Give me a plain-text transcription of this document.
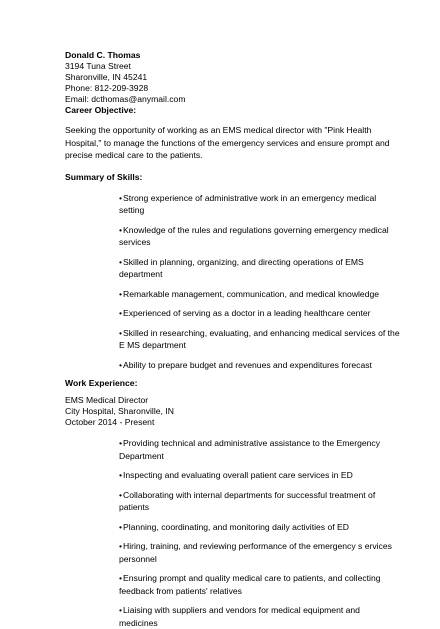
Donald C. Thomas
3194 Tuna Street
Sharonville, IN 45241
Phone: 812-209-3928
Email: dcthomas@anymail.com
Career Objective:

Seeking the opportunity of working as an EMS medical director with "Pink Health Hospital," to manage the functions of the emergency services and ensure prompt and precise medical care to the patients.

Summary of Skills:
• Strong experience of administrative work in an emergency medical setting
• Knowledge of the rules and regulations governing emergency medical services
• Skilled in planning, organizing, and directing operations of EMS department
• Remarkable management, communication, and medical knowledge
• Experienced of serving as a doctor in a leading healthcare center
• Skilled in researching, evaluating, and enhancing medical services of the E MS department
• Ability to prepare budget and revenues and expenditures forecast
Work Experience:
EMS Medical Director
City Hospital, Sharonville, IN
October 2014 - Present
• Providing technical and administrative assistance to the Emergency Department
• Inspecting and evaluating overall patient care services in ED
• Collaborating with internal departments for successful treatment of patients
• Planning, coordinating, and monitoring daily activities of ED
• Hiring, training, and reviewing performance of the emergency s ervices personnel
• Ensuring prompt and quality medical care to patients, and collecting feedback from patients' relatives
• Liaising with suppliers and vendors for medical equipment and medicines
